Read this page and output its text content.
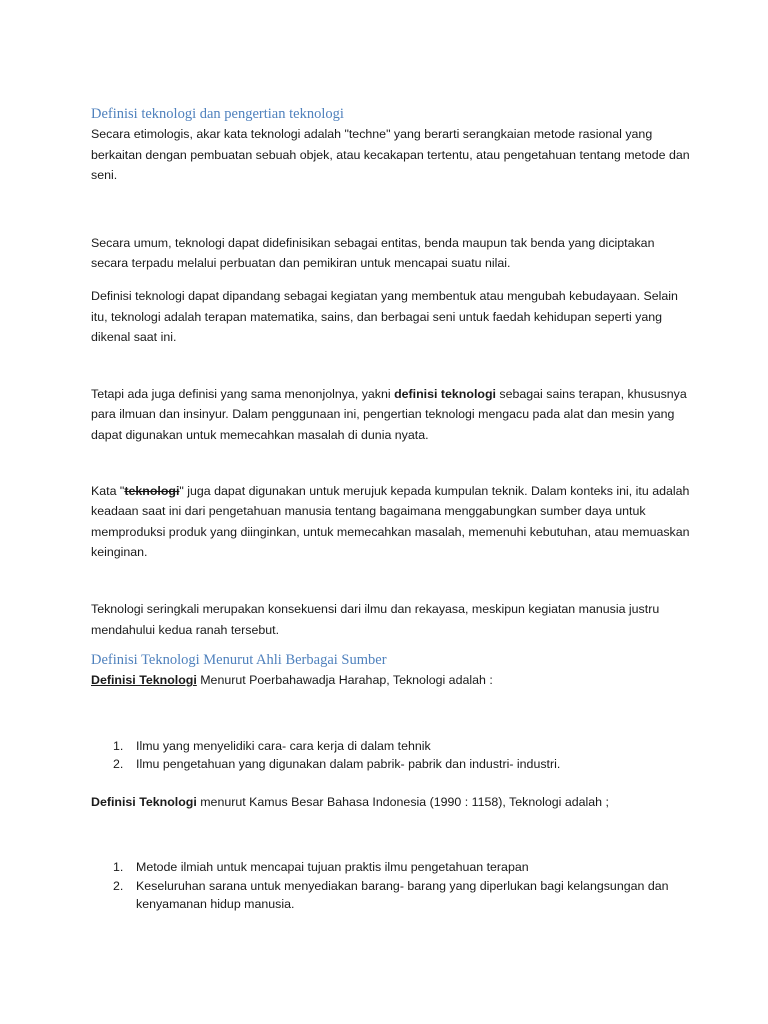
Definisi teknologi dan pengertian teknologi

Secara etimologis, akar kata teknologi adalah "techne" yang berarti serangkaian metode rasional yang berkaitan dengan pembuatan sebuah objek, atau kecakapan tertentu, atau pengetahuan tentang metode dan seni.

Secara umum, teknologi dapat didefinisikan sebagai entitas, benda maupun tak benda yang diciptakan secara terpadu melalui perbuatan dan pemikiran untuk mencapai suatu nilai.

Definisi teknologi dapat dipandang sebagai kegiatan yang membentuk atau mengubah kebudayaan. Selain itu, teknologi adalah terapan matematika, sains, dan berbagai seni untuk faedah kehidupan seperti yang dikenal saat ini.

Tetapi ada juga definisi yang sama menonjolnya, yakni definisi teknologi sebagai sains terapan, khususnya para ilmuan dan insinyur. Dalam penggunaan ini, pengertian teknologi mengacu pada alat dan mesin yang dapat digunakan untuk memecahkan masalah di dunia nyata.

Kata "teknologi" juga dapat digunakan untuk merujuk kepada kumpulan teknik. Dalam konteks ini, itu adalah keadaan saat ini dari pengetahuan manusia tentang bagaimana menggabungkan sumber daya untuk memproduksi produk yang diinginkan, untuk memecahkan masalah, memenuhi kebutuhan, atau memuaskan keinginan.

Teknologi seringkali merupakan konsekuensi dari ilmu dan rekayasa, meskipun kegiatan manusia justru mendahului kedua ranah tersebut.

Definisi Teknologi Menurut Ahli Berbagai Sumber

Definisi Teknologi Menurut Poerbahawadja Harahap, Teknologi adalah :

1. Ilmu yang menyelidiki cara- cara kerja di dalam tehnik
2. Ilmu pengetahuan yang digunakan dalam pabrik- pabrik dan industri- industri.

Definisi Teknologi menurut Kamus Besar Bahasa Indonesia (1990 : 1158), Teknologi adalah ;

1. Metode ilmiah untuk mencapai tujuan praktis ilmu pengetahuan terapan
2. Keseluruhan sarana untuk menyediakan barang- barang yang diperlukan bagi kelangsungan dan kenyamanan hidup manusia.
